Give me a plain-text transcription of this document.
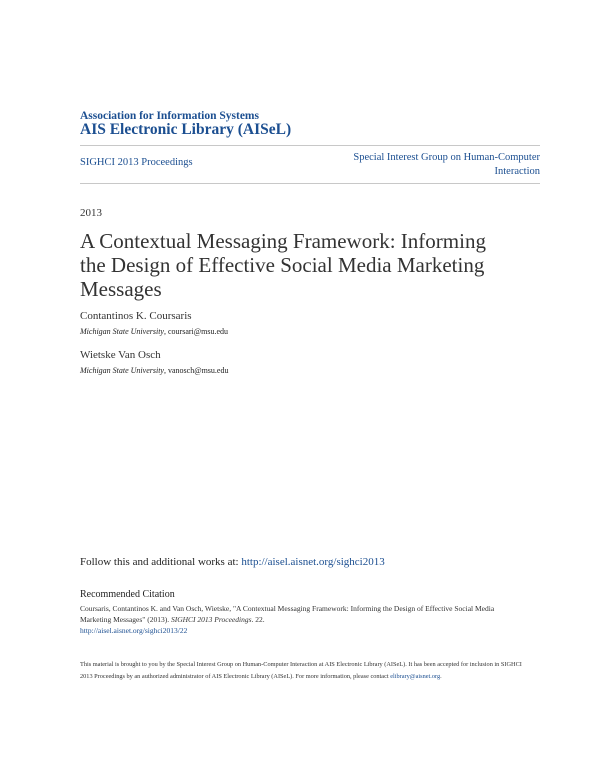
Association for Information Systems
AIS Electronic Library (AISeL)
SIGHCI 2013 Proceedings	Special Interest Group on Human-Computer
Interaction
2013
A Contextual Messaging Framework: Informing the Design of Effective Social Media Marketing Messages
Contantinos K. Coursaris
Michigan State University, coursari@msu.edu
Wietske Van Osch
Michigan State University, vanosch@msu.edu
Follow this and additional works at: http://aisel.aisnet.org/sighci2013
Recommended Citation
Coursaris, Contantinos K. and Van Osch, Wietske, "A Contextual Messaging Framework: Informing the Design of Effective Social Media Marketing Messages" (2013). SIGHCI 2013 Proceedings. 22.
http://aisel.aisnet.org/sighci2013/22
This material is brought to you by the Special Interest Group on Human-Computer Interaction at AIS Electronic Library (AISeL). It has been accepted for inclusion in SIGHCI 2013 Proceedings by an authorized administrator of AIS Electronic Library (AISeL). For more information, please contact elibrary@aisnet.org.
